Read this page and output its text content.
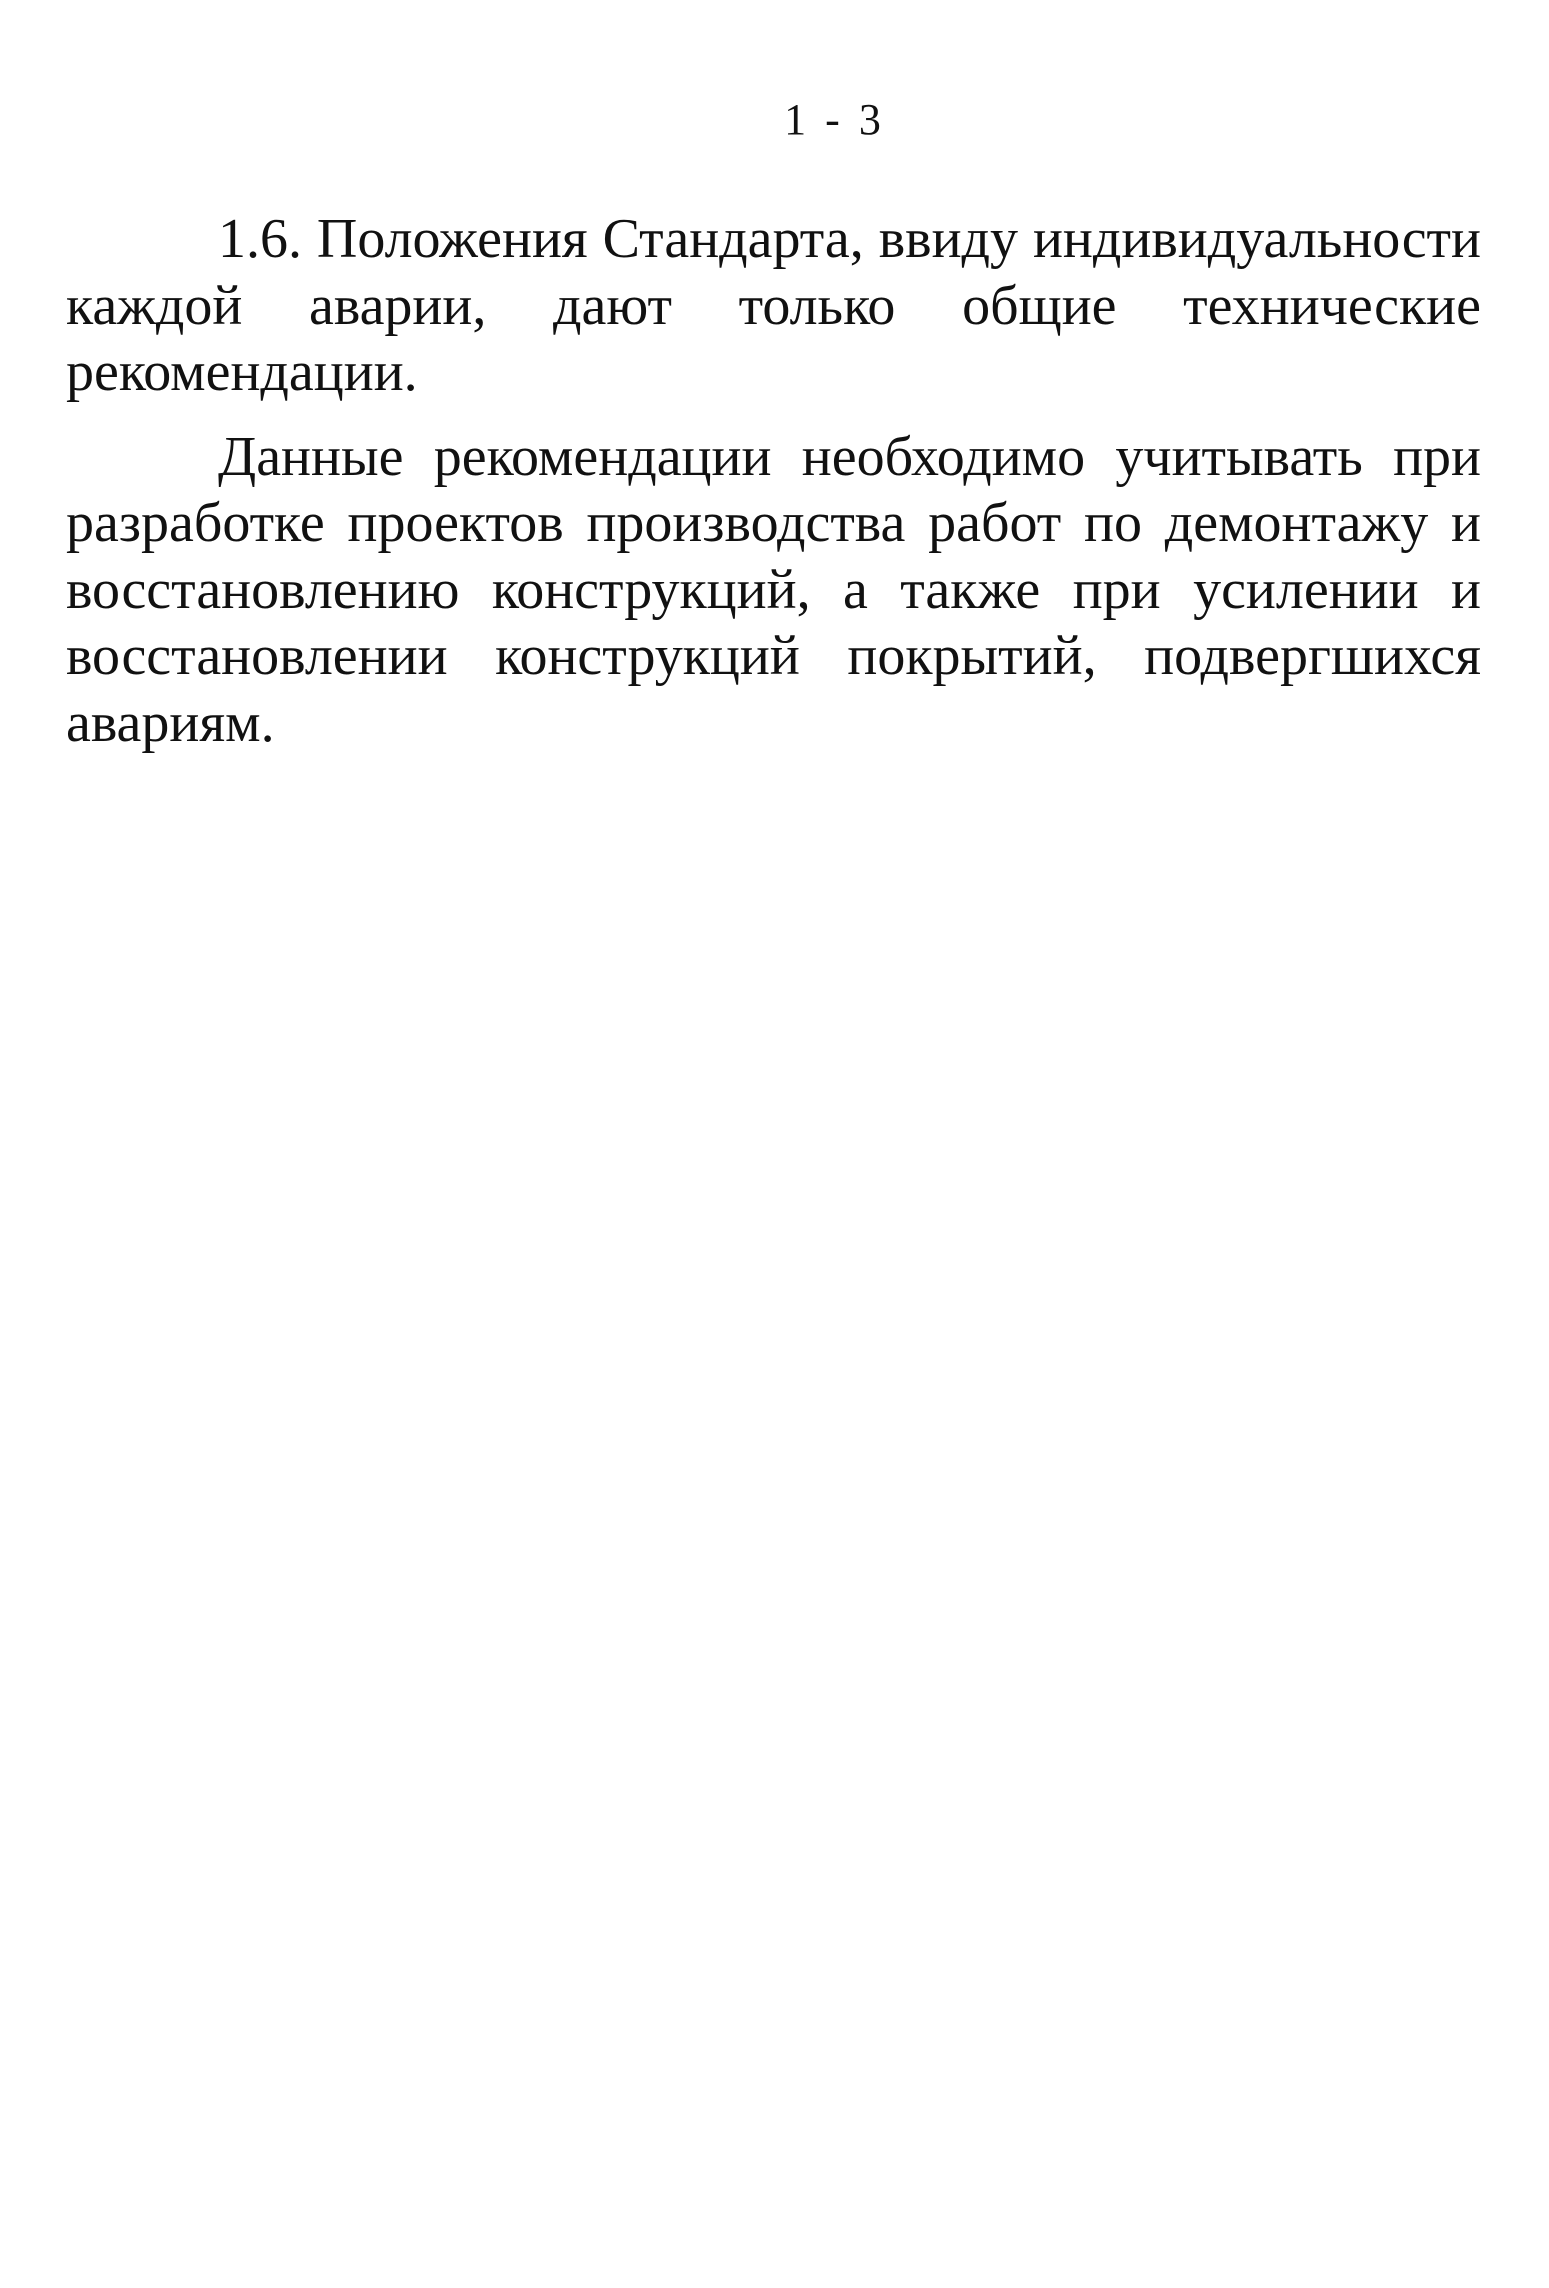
1 - 3

1.6. Положения Стандарта, ввиду индивидуальности каждой аварии, дают только общие технические рекомендации.

Данные рекомендации необходимо учитывать при разработке проектов производства работ по демонтажу и восстановлению конструкций, а также при усилении и восстановлении конструкций покрытий, подвергшихся авариям.
